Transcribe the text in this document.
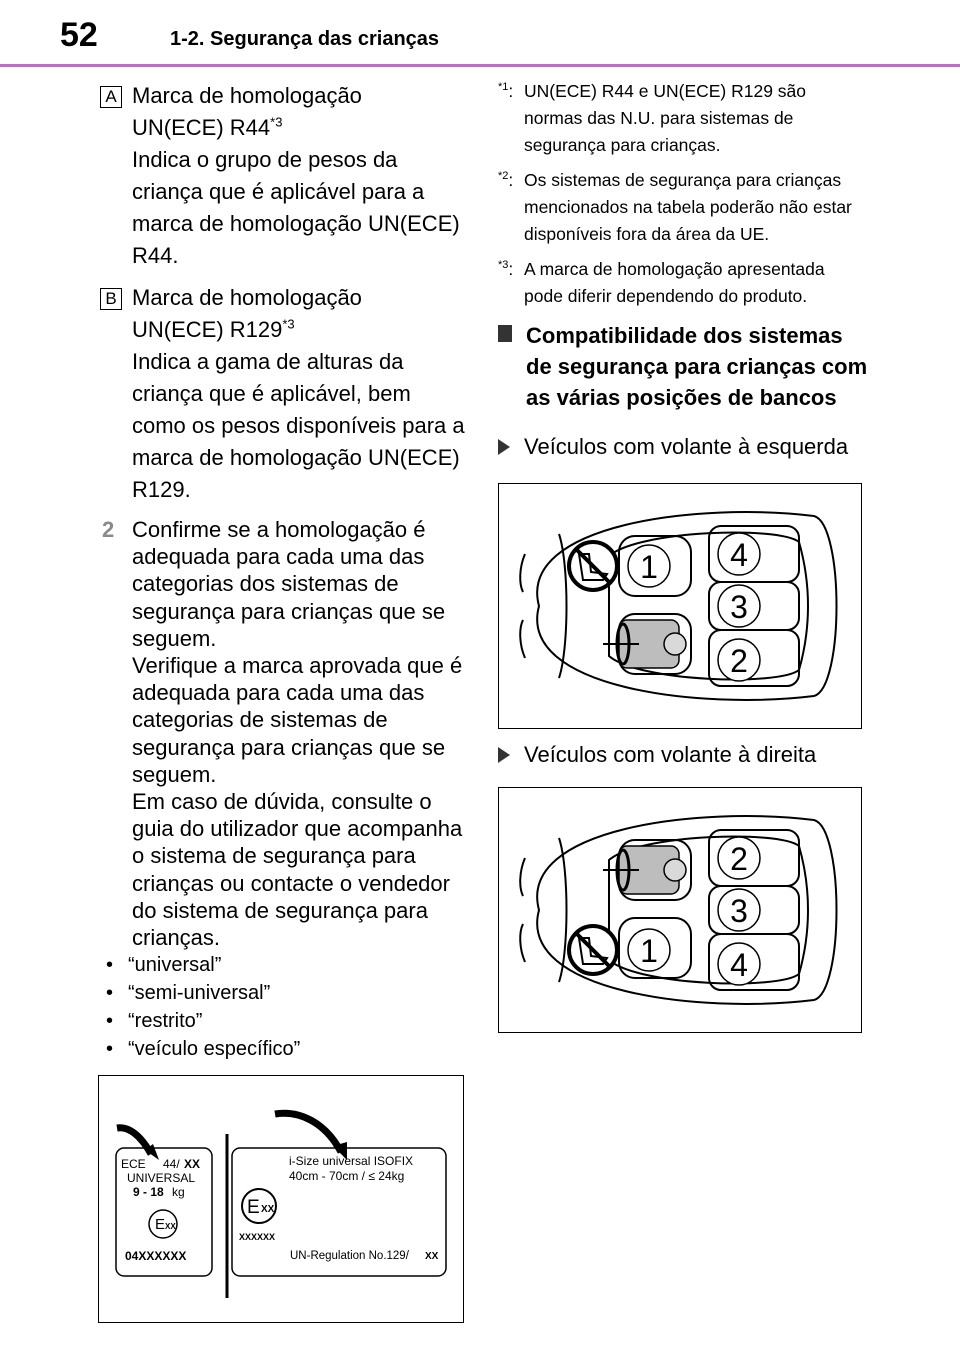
52	1-2. Segurança das crianças
A Marca de homologação
UN(ECE) R44$^{*3}$
Indica o grupo de pesos da criança que é aplicável para a marca de homologação UN(ECE) R44.
B Marca de homologação
UN(ECE) R129$^{*3}$
Indica a gama de alturas da criança que é aplicável, bem como os pesos disponíveis para a marca de homologação UN(ECE) R129.
2 Confirme se a homologação é adequada para cada uma das categorias dos sistemas de segurança para crianças que se seguem.
Verifique a marca aprovada que é adequada para cada uma das categorias de sistemas de segurança para crianças que se seguem.
Em caso de dúvida, consulte o guia do utilizador que acompanha o sistema de segurança para crianças ou contacte o vendedor do sistema de segurança para crianças.
• “universal”
• “semi-universal”
• “restrito”
• “veículo específico”
ECE 44/ XX
UNIVERSAL
9 - 18 kg
E XX
04XXXXXX
i-Size universal ISOFIX
40cm - 70cm / ≤ 24kg
E XX
XXXXXX
UN-Regulation No.129/ XX
$^{*1}$: UN(ECE) R44 e UN(ECE) R129 são normas das N.U. para sistemas de segurança para crianças.
$^{*2}$: Os sistemas de segurança para crianças mencionados na tabela poderão não estar disponíveis fora da área da UE.
$^{*3}$: A marca de homologação apresentada pode diferir dependendo do produto.
Compatibilidade dos sistemas de segurança para crianças com as várias posições de bancos
Veículos com volante à esquerda
1 4
3
2
Veículos com volante à direita
1
2
3
4
